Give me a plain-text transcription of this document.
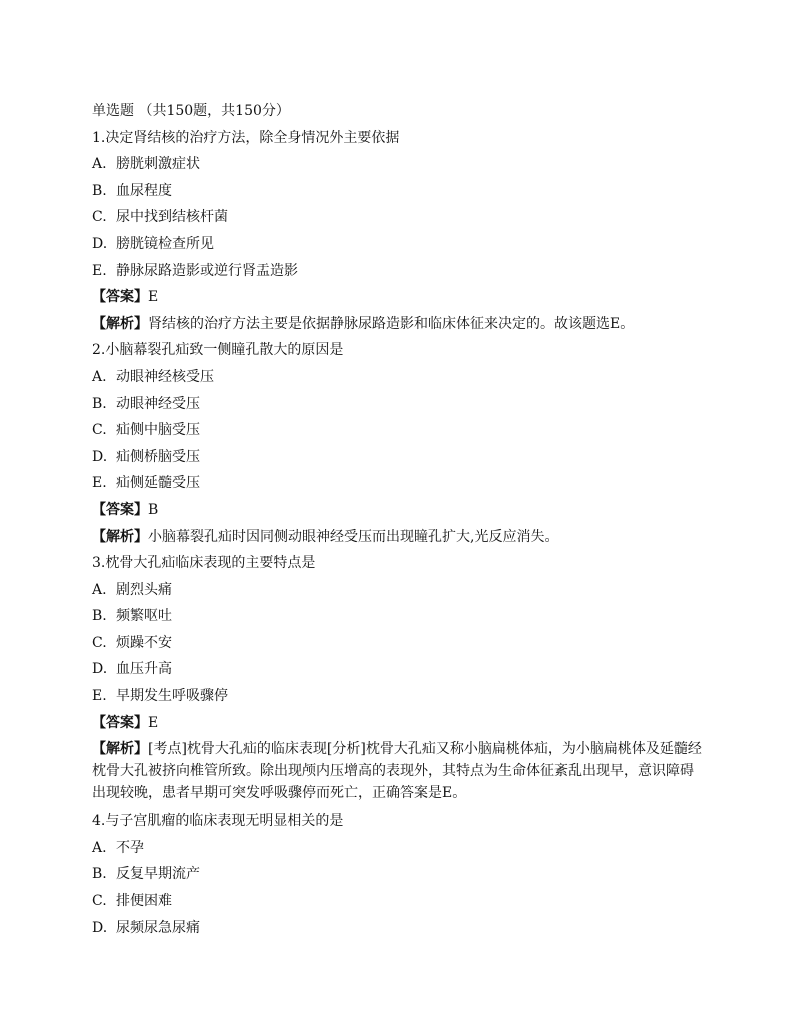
单选题 （共150题，共150分）
1.决定肾结核的治疗方法，除全身情况外主要依据
A. 膀胱刺激症状
B. 血尿程度
C. 尿中找到结核杆菌
D. 膀胱镜检查所见
E. 静脉尿路造影或逆行肾盂造影
【答案】E
【解析】肾结核的治疗方法主要是依据静脉尿路造影和临床体征来决定的。故该题选E。
2.小脑幕裂孔疝致一侧瞳孔散大的原因是
A. 动眼神经核受压
B. 动眼神经受压
C. 疝侧中脑受压
D. 疝侧桥脑受压
E. 疝侧延髓受压
【答案】B
【解析】小脑幕裂孔疝时因同侧动眼神经受压而出现瞳孔扩大,光反应消失。
3.枕骨大孔疝临床表现的主要特点是
A. 剧烈头痛
B. 频繁呕吐
C. 烦躁不安
D. 血压升高
E. 早期发生呼吸骤停
【答案】E
【解析】[考点]枕骨大孔疝的临床表现[分析]枕骨大孔疝又称小脑扁桃体疝，为小脑扁桃体及延髓经枕骨大孔被挤向椎管所致。除出现颅内压增高的表现外，其特点为生命体征紊乱出现早，意识障碍出现较晚，患者早期可突发呼吸骤停而死亡，正确答案是E。
4.与子宫肌瘤的临床表现无明显相关的是
A. 不孕
B. 反复早期流产
C. 排便困难
D. 尿频尿急尿痛
